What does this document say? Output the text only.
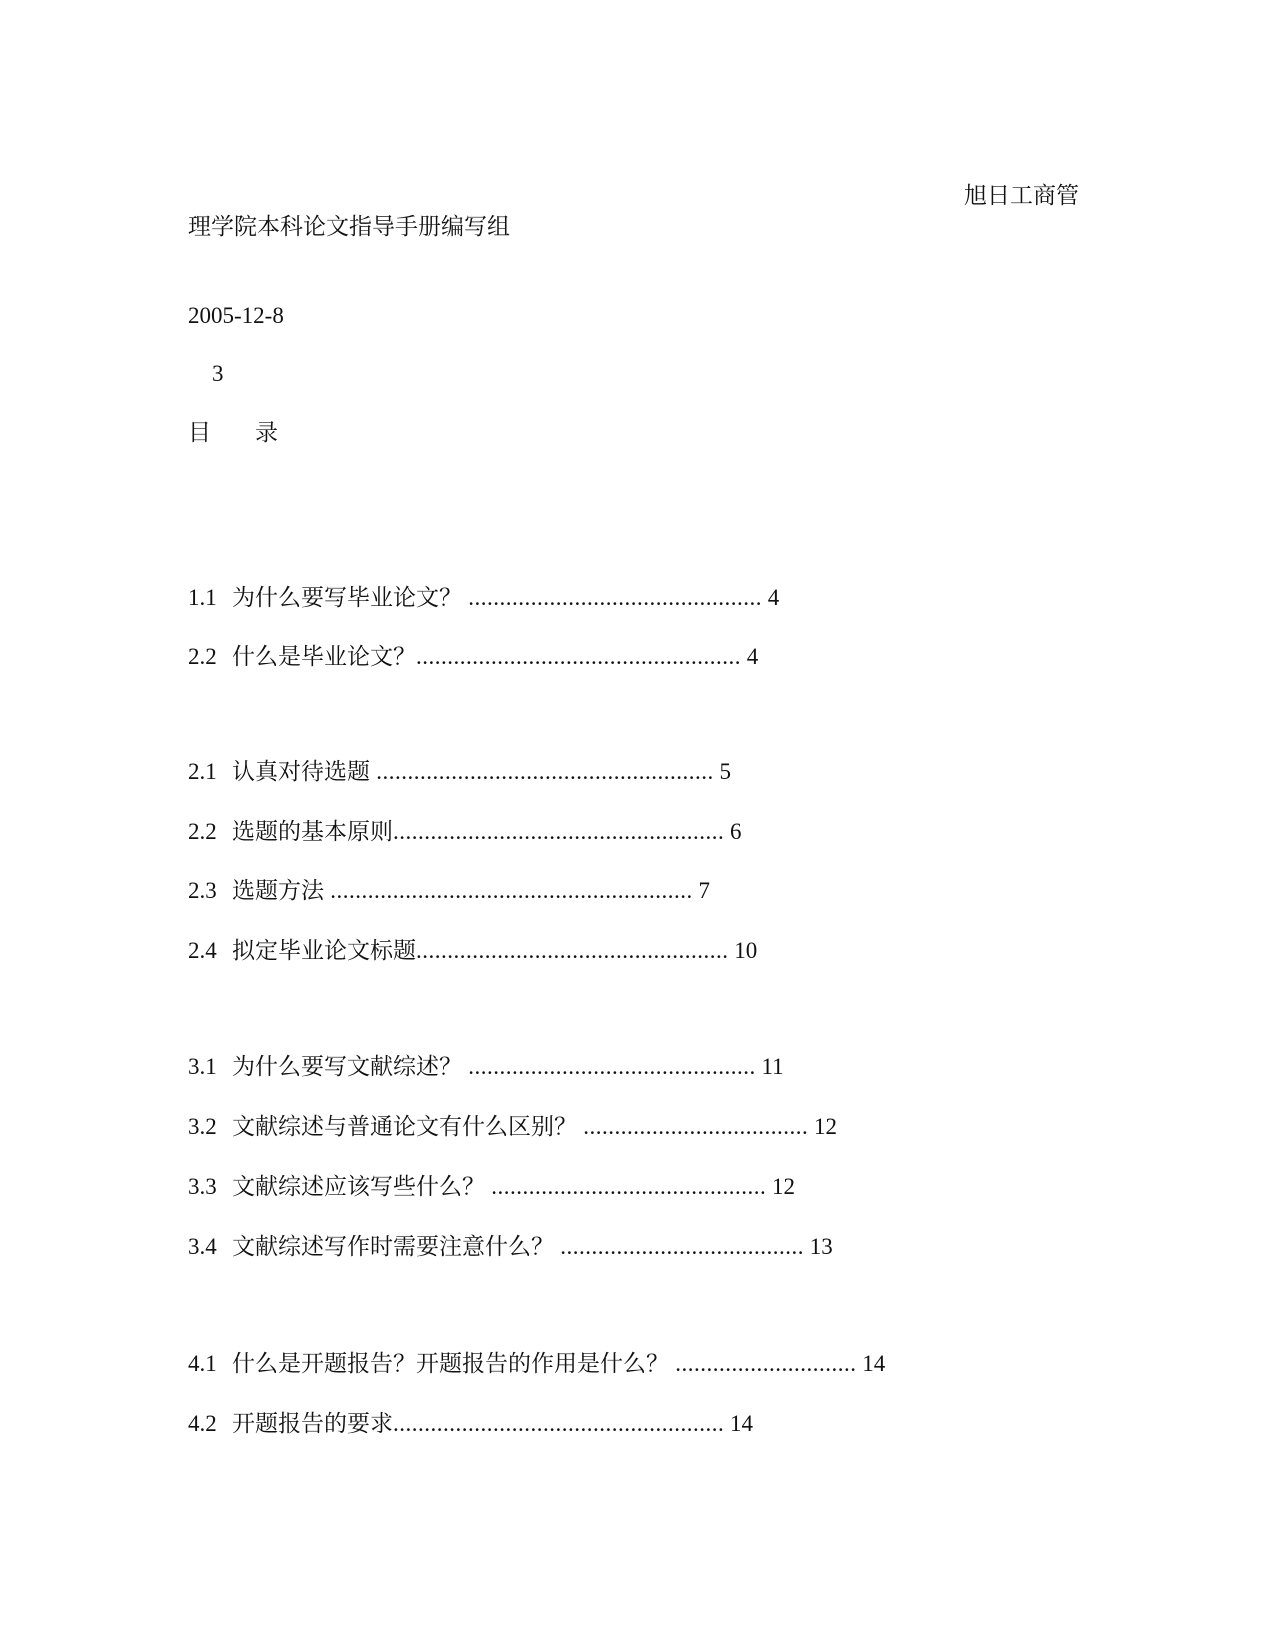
旭日工商管
理学院本科论文指导手册编写组
2005-12-8
3
目 录
1.1 为什么要写毕业论文？ ............................................... 4
2.2 什么是毕业论文？.................................................... 4
2.1 认真对待选题 ...................................................... 5
2.2 选题的基本原则..................................................... 6
2.3 选题方法 .......................................................... 7
2.4 拟定毕业论文标题.................................................. 10
3.1 为什么要写文献综述？ .............................................. 11
3.2 文献综述与普通论文有什么区别？ .................................... 12
3.3 文献综述应该写些什么？ ............................................ 12
3.4 文献综述写作时需要注意什么？ ....................................... 13
4.1 什么是开题报告？开题报告的作用是什么？ ............................. 14
4.2 开题报告的要求..................................................... 14
